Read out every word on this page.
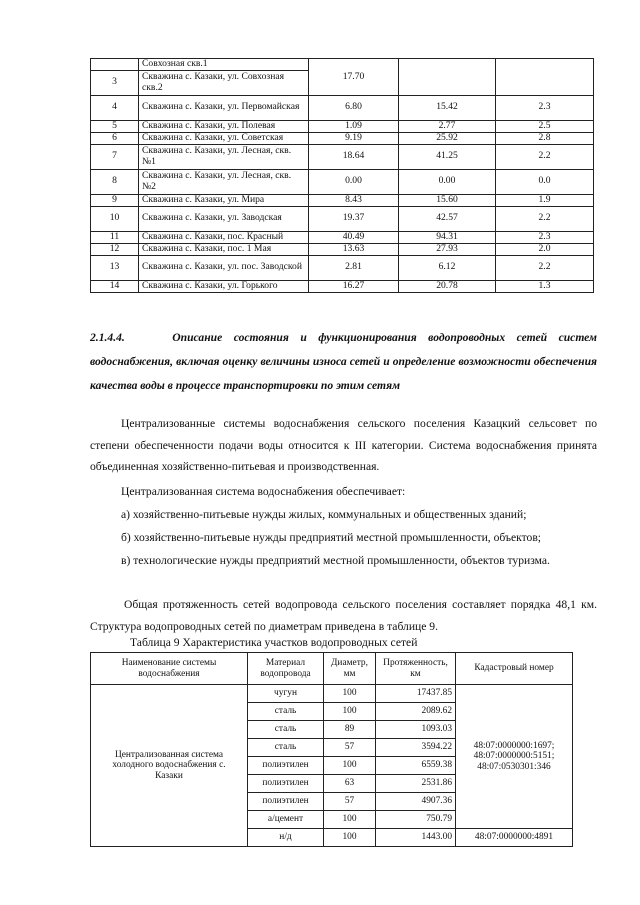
	Совхозная скв.1	17.70		
3	Скважина с. Казаки, ул. Совхозная скв.2			
4	Скважина с. Казаки, ул. Первомайская	6.80	15.42	2.3
5	Скважина с. Казаки, ул. Полевая	1.09	2.77	2.5
6	Скважина с. Казаки, ул. Советская	9.19	25.92	2.8
7	Скважина с. Казаки, ул. Лесная, скв. №1	18.64	41.25	2.2
8	Скважина с. Казаки, ул. Лесная, скв.№2	0.00	0.00	0.0
9	Скважина с. Казаки, ул. Мира	8.43	15.60	1.9
10	Скважина с. Казаки, ул. Заводская	19.37	42.57	2.2
11	Скважина с. Казаки, пос. Красный	40.49	94.31	2.3
12	Скважина с. Казаки, пос. 1 Мая	13.63	27.93	2.0
13	Скважина с. Казаки, ул. пос. Заводской	2.81	6.12	2.2
14	Скважина с. Казаки, ул. Горького	16.27	20.78	1.3
2.1.4.4.	Описание состояния и функционирования водопроводных сетей систем водоснабжения, включая оценку величины износа сетей и определение возможности обеспечения качества воды в процессе транспортировки по этим сетям
Централизованные системы водоснабжения сельского поселения Казацкий сельсовет по степени обеспеченности подачи воды относится к III категории. Система водоснабжения принята объединенная хозяйственно-питьевая и производственная.
Централизованная система водоснабжения обеспечивает:
а) хозяйственно-питьевые нужды жилых, коммунальных и общественных зданий;
б) хозяйственно-питьевые нужды предприятий местной промышленности, объектов;
в) технологические нужды предприятий местной промышленности, объектов туризма.
Общая протяженность сетей водопровода сельского поселения составляет порядка 48,1 км. Структура водопроводных сетей по диаметрам приведена в таблице 9.
Таблица 9 Характеристика участков водопроводных сетей
Наименование системы водоснабжения	Материал водопровода	Диаметр, мм	Протяженность, км	Кадастровый номер
Централизованная система холодного водоснабжения с. Казаки	чугун	100	17437.85	48:07:0000000:1697; 48:07:0000000:5151; 48:07:0530301:346
	сталь	100	2089.62	
	сталь	89	1093.03	
	сталь	57	3594.22	
	полиэтилен	100	6559.38	
	полиэтилен	63	2531.86	
	полиэтилен	57	4907.36	
	а/цемент	100	750.79	
	н/д	100	1443.00	48:07:0000000:4891
